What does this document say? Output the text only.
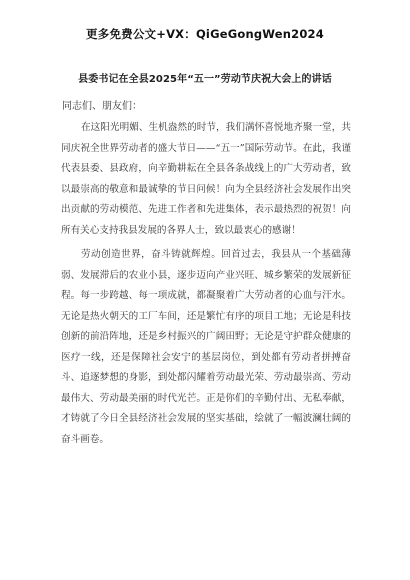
更多免费公文+VX：QiGeGongWen2024
县委书记在全县2025年“五一”劳动节庆祝大会上的讲话
同志们、朋友们：

在这阳光明媚、生机盎然的时节，我们满怀喜悦地齐聚一堂，共同庆祝全世界劳动者的盛大节日——“五一”国际劳动节。在此，我谨代表县委、县政府，向辛勤耕耘在全县各条战线上的广大劳动者，致以最崇高的敬意和最诚挚的节日问候！向为全县经济社会发展作出突出贡献的劳动模范、先进工作者和先进集体，表示最热烈的祝贺！向所有关心支持我县发展的各界人士，致以最衷心的感谢！

劳动创造世界，奋斗铸就辉煌。回首过去，我县从一个基础薄弱、发展滞后的农业小县，逐步迈向产业兴旺、城乡繁荣的发展新征程。每一步跨越、每一项成就，都凝聚着广大劳动者的心血与汗水。无论是热火朝天的工厂车间，还是繁忙有序的项目工地；无论是科技创新的前沿阵地，还是乡村振兴的广阔田野；无论是守护群众健康的医疗一线，还是保障社会安宁的基层岗位，到处都有劳动者拼搏奋斗、追逐梦想的身影，到处都闪耀着劳动最光荣、劳动最崇高、劳动最伟大、劳动最美丽的时代光芒。正是你们的辛勤付出、无私奉献，才铸就了今日全县经济社会发展的坚实基础，绘就了一幅波澜壮阔的奋斗画卷。
